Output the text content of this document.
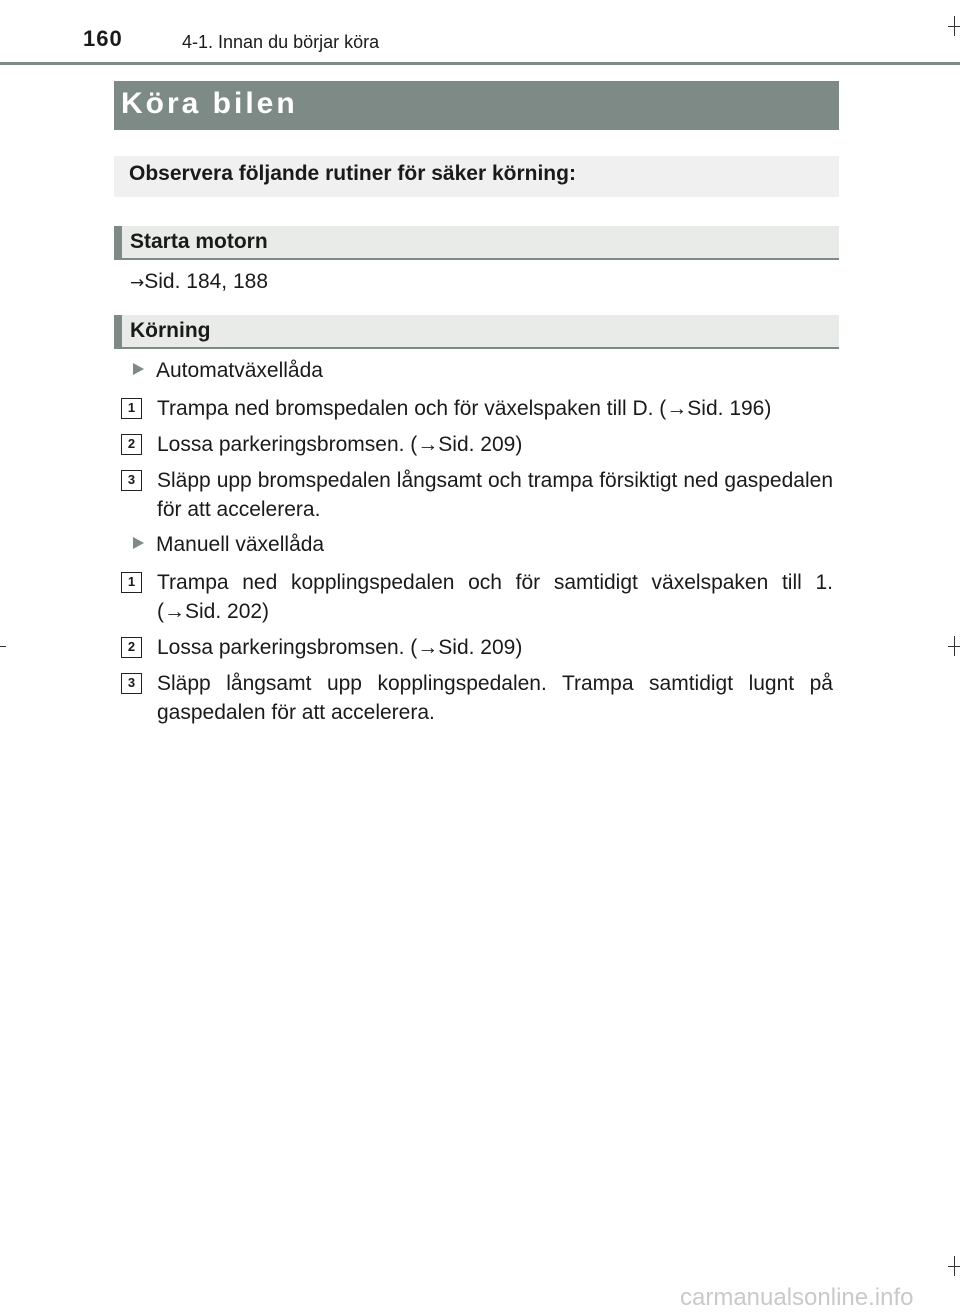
160	4-1. Innan du börjar köra
Köra bilen
Observera följande rutiner för säker körning:
Starta motorn
→Sid. 184, 188
Körning
Automatväxellåda
1	Trampa ned bromspedalen och för växelspaken till D. (→Sid. 196)
2	Lossa parkeringsbromsen. (→Sid. 209)
3	Släpp upp bromspedalen långsamt och trampa försiktigt ned gaspedalen för att accelerera.
Manuell växellåda
1	Trampa ned kopplingspedalen och för samtidigt växelspaken till 1. (→Sid. 202)
2	Lossa parkeringsbromsen. (→Sid. 209)
3	Släpp långsamt upp kopplingspedalen. Trampa samtidigt lugnt på gaspedalen för att accelerera.
carmanualsonline.info
